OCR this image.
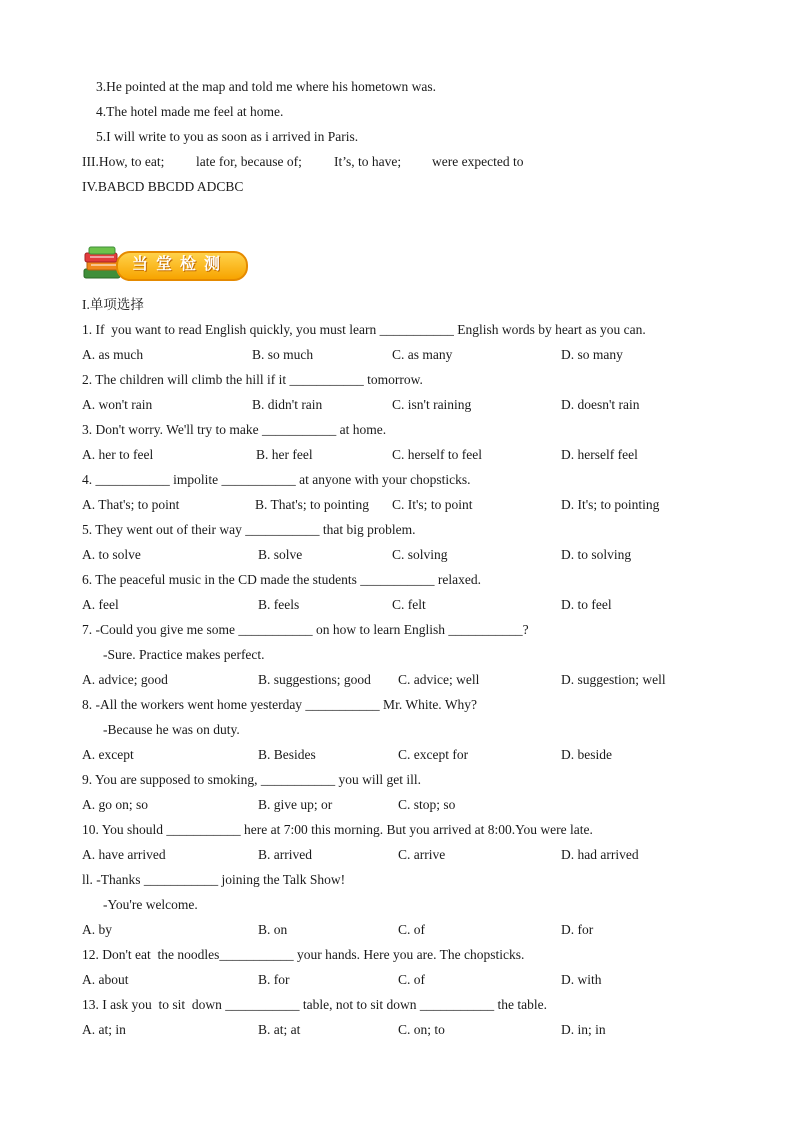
3.He pointed at the map and told me where his hometown was.
4.The hotel made me feel at home.
5.I will write to you as soon as i arrived in Paris.
III.How, to eat; late for, because of; It’s, to have; were expected to
IV.BABCD BBCDD ADCBC
当堂检测
I.单项选择
1. If  you want to read English quickly, you must learn ___________ English words by heart as you can.
A. as much	B. so much	C. as many	D. so many
2. The children will climb the hill if it ___________ tomorrow.
A. won't rain	B. didn't rain	C. isn't raining	D. doesn't rain
3. Don't worry. We'll try to make ___________ at home.
A. her to feel	B. her feel	C. herself to feel	D. herself feel
4. ___________ impolite ___________ at anyone with your chopsticks.
A. That's; to point	B. That's; to pointing C. It's; to point	D. It's; to pointing
5. They went out of their way ___________ that big problem.
A. to solve	B. solve	C. solving	D. to solving
6. The peaceful music in the CD made the students ___________ relaxed.
A. feel	B. feels	C. felt	D. to feel
7. -Could you give me some ___________ on how to learn English ___________?
-Sure. Practice makes perfect.
A. advice; good	B. suggestions; good C. advice; well	D. suggestion; well
8. -All the workers went home yesterday ___________ Mr. White. Why?
-Because he was on duty.
A. except	B. Besides	C. except for	D. beside
9. You are supposed to smoking, ___________ you will get ill.
A. go on; so	B. give up; or	C. stop; so
10. You should ___________ here at 7:00 this morning. But you arrived at 8:00.You were late.
A. have arrived	B. arrived	C. arrive	D. had arrived
ll. -Thanks ___________ joining the Talk Show!
-You're welcome.
A. by	B. on	C. of	D. for
12. Don't eat  the noodles___________ your hands. Here you are. The chopsticks.
A. about	B. for	C. of	D. with
13. I ask you  to sit  down ___________ table, not to sit down ___________ the table.
A. at; in	B. at; at	C. on; to	D. in; in
